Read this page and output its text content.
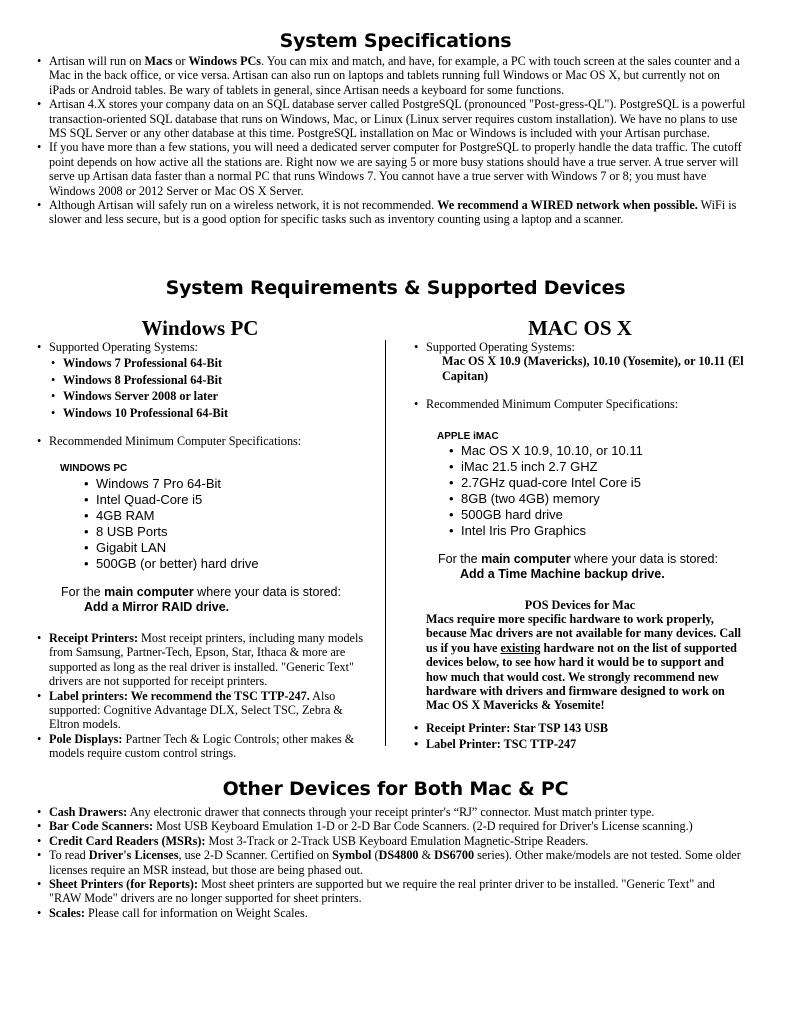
System Specifications
• Artisan will run on Macs or Windows PCs. You can mix and match, and have, for example, a PC with touch screen at the sales counter and a Mac in the back office, or vice versa. Artisan can also run on laptops and tablets running full Windows or Mac OS X, but currently not on iPads or Android tables. Be wary of tablets in general, since Artisan needs a keyboard for some functions.
• Artisan 4.X stores your company data on an SQL database server called PostgreSQL (pronounced "Post-gress-QL"). PostgreSQL is a powerful transaction-oriented SQL database that runs on Windows, Mac, or Linux (Linux server requires custom installation). We have no plans to use MS SQL Server or any other database at this time. PostgreSQL installation on Mac or Windows is included with your Artisan purchase.
• If you have more than a few stations, you will need a dedicated server computer for PostgreSQL to properly handle the data traffic. The cutoff point depends on how active all the stations are. Right now we are saying 5 or more busy stations should have a true server. A true server will serve up Artisan data faster than a normal PC that runs Windows 7. You cannot have a true server with Windows 7 or 8; you must have Windows 2008 or 2012 Server or Mac OS X Server.
• Although Artisan will safely run on a wireless network, it is not recommended. We recommend a WIRED network when possible. WiFi is slower and less secure, but is a good option for specific tasks such as inventory counting using a laptop and a scanner.
System Requirements & Supported Devices
Windows PC
• Supported Operating Systems:
• Windows 7 Professional 64-Bit
• Windows 8 Professional 64-Bit
• Windows Server 2008 or later
• Windows 10 Professional 64-Bit
• Recommended Minimum Computer Specifications:
WINDOWS PC
• Windows 7 Pro 64-Bit
• Intel Quad-Core i5
• 4GB RAM
• 8 USB Ports
• Gigabit LAN
• 500GB (or better) hard drive
For the main computer where your data is stored:
Add a Mirror RAID drive.
• Receipt Printers: Most receipt printers, including many models from Samsung, Partner-Tech, Epson, Star, Ithaca & more are supported as long as the real driver is installed. "Generic Text" drivers are not supported for receipt printers.
• Label printers: We recommend the TSC TTP-247. Also supported: Cognitive Advantage DLX, Select TSC, Zebra & Eltron models.
• Pole Displays: Partner Tech & Logic Controls; other makes & models require custom control strings.
MAC OS X
• Supported Operating Systems:
Mac OS X 10.9 (Mavericks), 10.10 (Yosemite), or 10.11 (El Capitan)
• Recommended Minimum Computer Specifications:
APPLE iMAC
• Mac OS X 10.9, 10.10, or 10.11
• iMac 21.5 inch 2.7 GHZ
• 2.7GHz quad-core Intel Core i5
• 8GB (two 4GB) memory
• 500GB hard drive
• Intel Iris Pro Graphics
For the main computer where your data is stored:
Add a Time Machine backup drive.
POS Devices for Mac
Macs require more specific hardware to work properly, because Mac drivers are not available for many devices. Call us if you have existing hardware not on the list of supported devices below, to see how hard it would be to support and how much that would cost. We strongly recommend new hardware with drivers and firmware designed to work on Mac OS X Mavericks & Yosemite!
• Receipt Printer: Star TSP 143 USB
• Label Printer: TSC TTP-247
Other Devices for Both Mac & PC
• Cash Drawers: Any electronic drawer that connects through your receipt printer's “RJ” connector. Must match printer type.
• Bar Code Scanners: Most USB Keyboard Emulation 1-D or 2-D Bar Code Scanners. (2-D required for Driver's License scanning.)
• Credit Card Readers (MSRs): Most 3-Track or 2-Track USB Keyboard Emulation Magnetic-Stripe Readers.
• To read Driver's Licenses, use 2-D Scanner. Certified on Symbol (DS4800 & DS6700 series). Other make/models are not tested. Some older licenses require an MSR instead, but those are being phased out.
• Sheet Printers (for Reports): Most sheet printers are supported but we require the real printer driver to be installed. "Generic Text" and "RAW Mode" drivers are no longer supported for sheet printers.
• Scales: Please call for information on Weight Scales.
